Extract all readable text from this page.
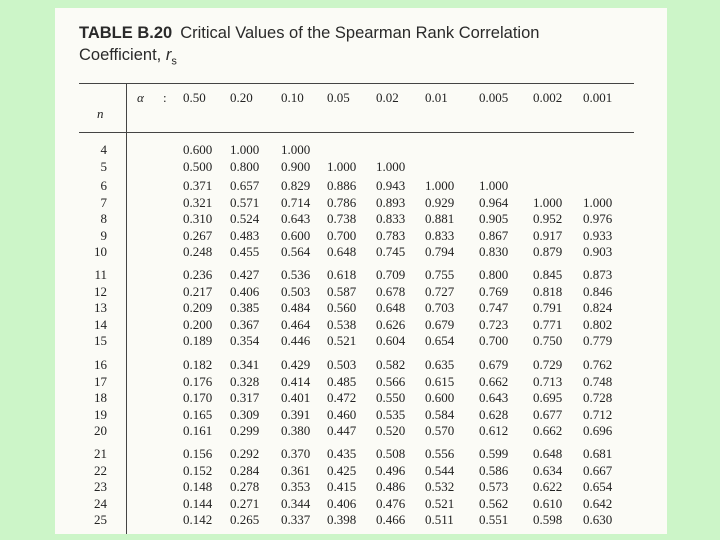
TABLE B.20 Critical Values of the Spearman Rank Correlation
Coefficient, $r_s$
α :
n
0.50 0.20 0.10 0.05 0.02 0.01 0.005 0.002 0.001
4	0.600 1.000 1.000
5	0.500 0.800 0.900 1.000 1.000
6	0.371 0.657 0.829 0.886 0.943 1.000 1.000
7	0.321 0.571 0.714 0.786 0.893 0.929 0.964 1.000 1.000
8	0.310 0.524 0.643 0.738 0.833 0.881 0.905 0.952 0.976
9	0.267 0.483 0.600 0.700 0.783 0.833 0.867 0.917 0.933
10	0.248 0.455 0.564 0.648 0.745 0.794 0.830 0.879 0.903
11	0.236 0.427 0.536 0.618 0.709 0.755 0.800 0.845 0.873
12	0.217 0.406 0.503 0.587 0.678 0.727 0.769 0.818 0.846
13	0.209 0.385 0.484 0.560 0.648 0.703 0.747 0.791 0.824
14	0.200 0.367 0.464 0.538 0.626 0.679 0.723 0.771 0.802
15	0.189 0.354 0.446 0.521 0.604 0.654 0.700 0.750 0.779
16	0.182 0.341 0.429 0.503 0.582 0.635 0.679 0.729 0.762
17	0.176 0.328 0.414 0.485 0.566 0.615 0.662 0.713 0.748
18	0.170 0.317 0.401 0.472 0.550 0.600 0.643 0.695 0.728
19	0.165 0.309 0.391 0.460 0.535 0.584 0.628 0.677 0.712
20	0.161 0.299 0.380 0.447 0.520 0.570 0.612 0.662 0.696
21	0.156 0.292 0.370 0.435 0.508 0.556 0.599 0.648 0.681
22	0.152 0.284 0.361 0.425 0.496 0.544 0.586 0.634 0.667
23	0.148 0.278 0.353 0.415 0.486 0.532 0.573 0.622 0.654
24	0.144 0.271 0.344 0.406 0.476 0.521 0.562 0.610 0.642
25	0.142 0.265 0.337 0.398 0.466 0.511 0.551 0.598 0.630
